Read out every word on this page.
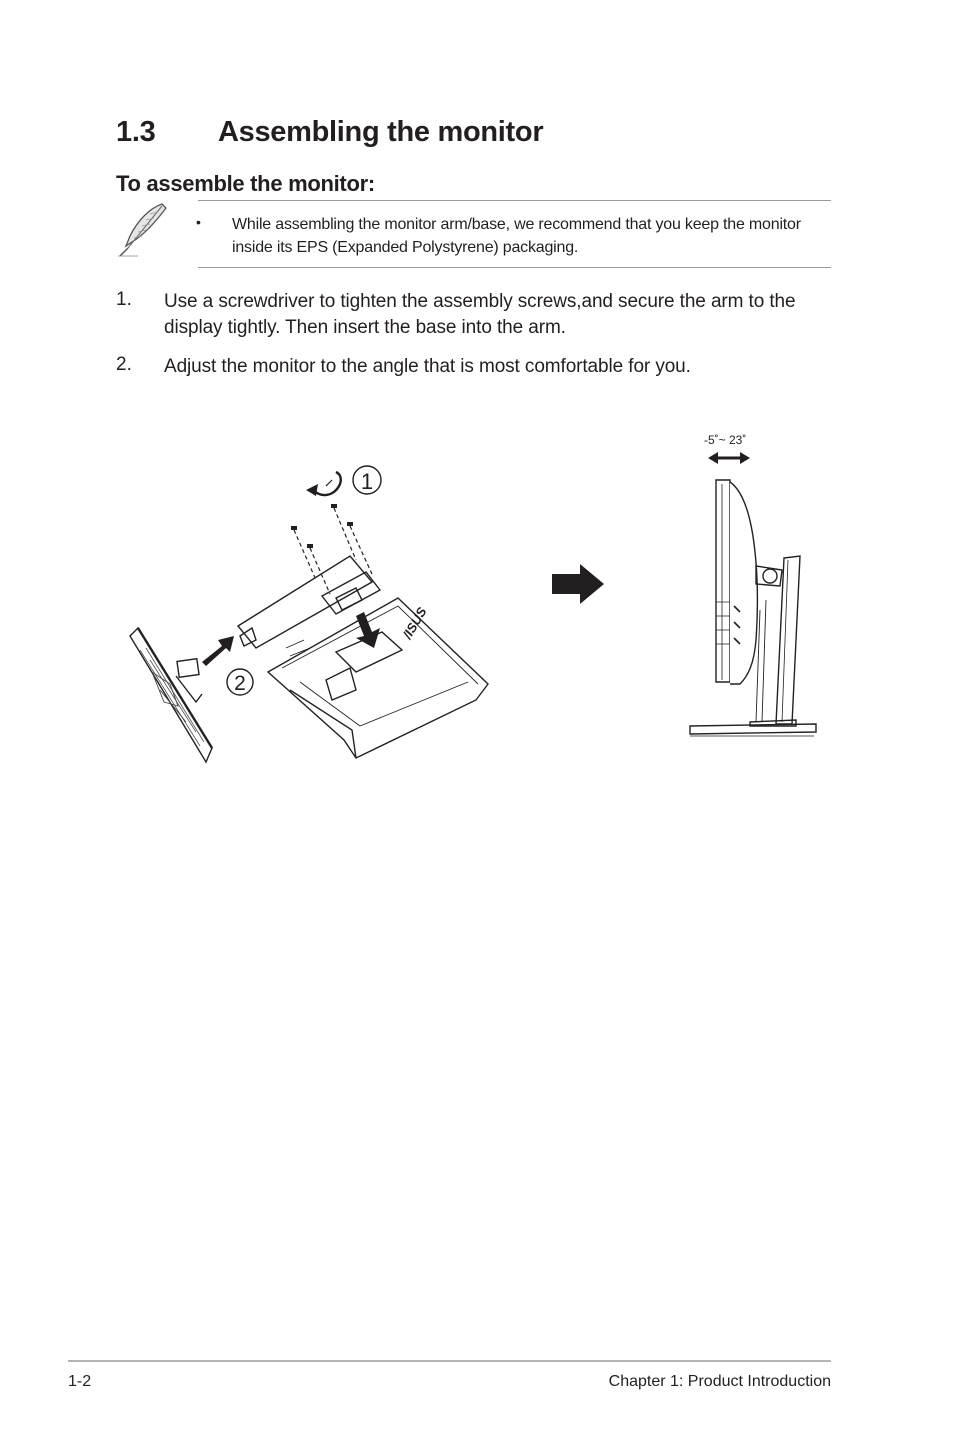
1.3 Assembling the monitor
To assemble the monitor:
• While assembling the monitor arm/base, we recommend that you keep the monitor inside its EPS (Expanded Polystyrene) packaging.
1. Use a screwdriver to tighten the assembly screws,and secure the arm to the display tightly. Then insert the base into the arm.
2. Adjust the monitor to the angle that is most comfortable for you.
2
/ISUS
1
-5˚~ 23˚
1-2	Chapter 1: Product Introduction
